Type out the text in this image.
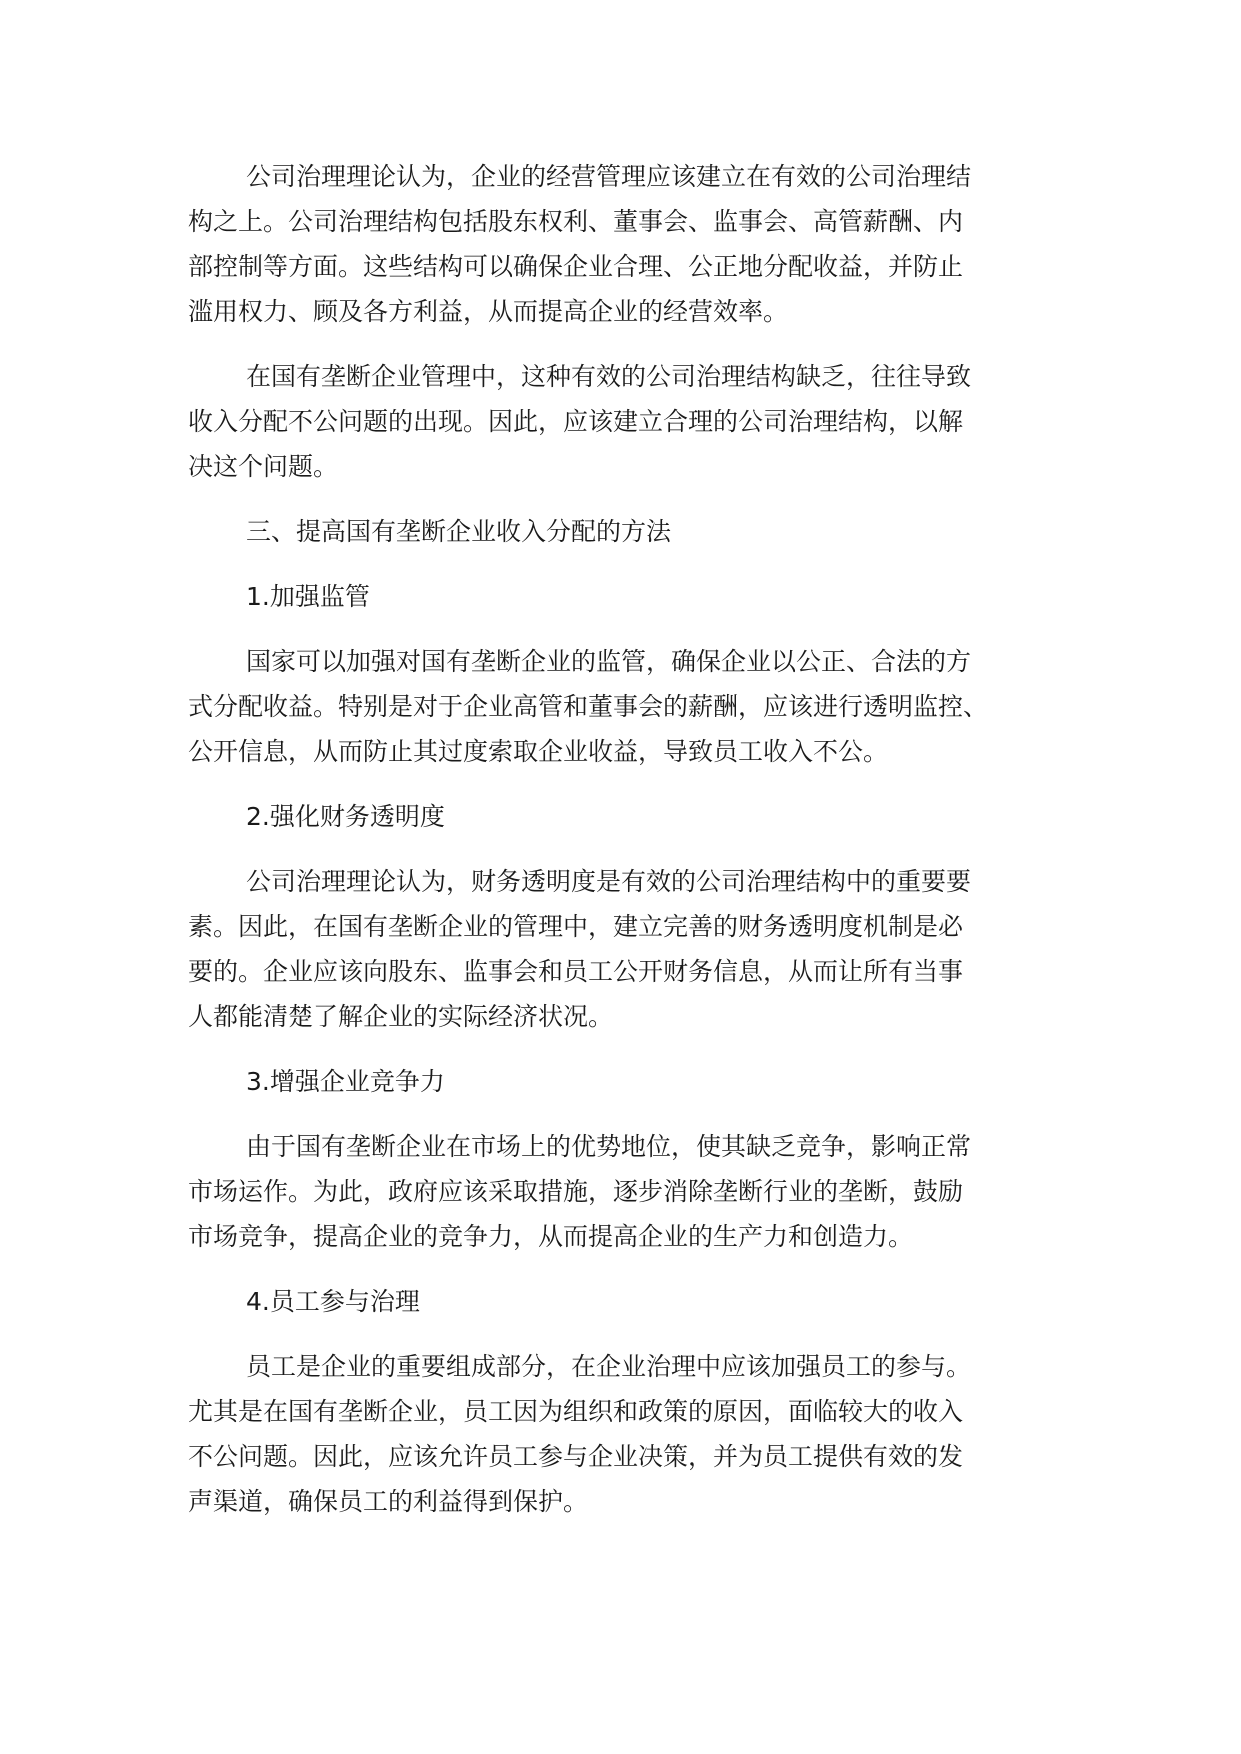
公司治理理论认为，企业的经营管理应该建立在有效的公司治理结
构之上。公司治理结构包括股东权利、董事会、监事会、高管薪酬、内
部控制等方面。这些结构可以确保企业合理、公正地分配收益，并防止
滥用权力、顾及各方利益，从而提高企业的经营效率。
在国有垄断企业管理中，这种有效的公司治理结构缺乏，往往导致
收入分配不公问题的出现。因此，应该建立合理的公司治理结构，以解
决这个问题。
三、提高国有垄断企业收入分配的方法
1.加强监管
国家可以加强对国有垄断企业的监管，确保企业以公正、合法的方
式分配收益。特别是对于企业高管和董事会的薪酬，应该进行透明监控、
公开信息，从而防止其过度索取企业收益，导致员工收入不公。
2.强化财务透明度
公司治理理论认为，财务透明度是有效的公司治理结构中的重要要
素。因此，在国有垄断企业的管理中，建立完善的财务透明度机制是必
要的。企业应该向股东、监事会和员工公开财务信息，从而让所有当事
人都能清楚了解企业的实际经济状况。
3.增强企业竞争力
由于国有垄断企业在市场上的优势地位，使其缺乏竞争，影响正常
市场运作。为此，政府应该采取措施，逐步消除垄断行业的垄断，鼓励
市场竞争，提高企业的竞争力，从而提高企业的生产力和创造力。
4.员工参与治理
员工是企业的重要组成部分，在企业治理中应该加强员工的参与。
尤其是在国有垄断企业，员工因为组织和政策的原因，面临较大的收入
不公问题。因此，应该允许员工参与企业决策，并为员工提供有效的发
声渠道，确保员工的利益得到保护。
